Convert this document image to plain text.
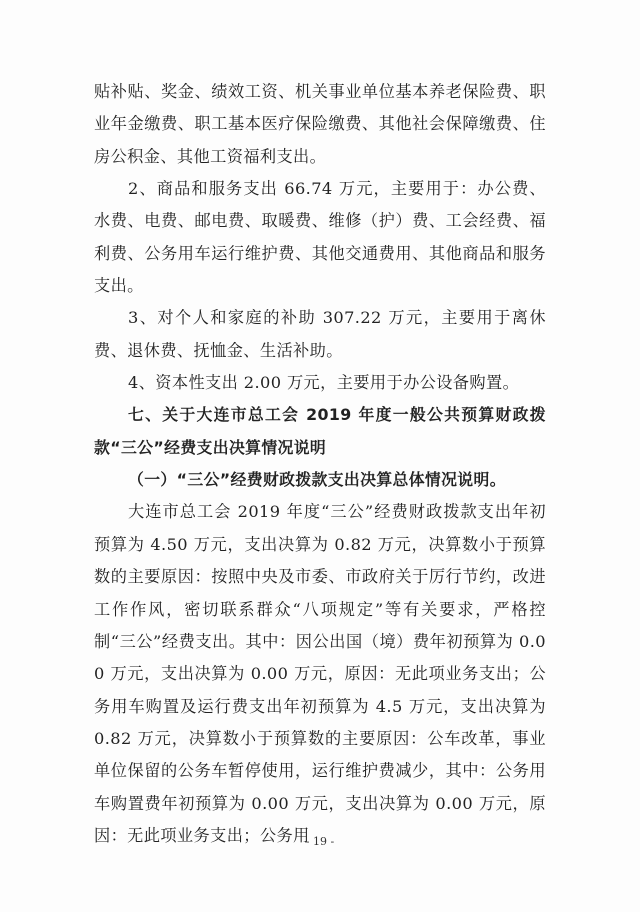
贴补贴、奖金、绩效工资、机关事业单位基本养老保险费、职业年金缴费、职工基本医疗保险缴费、其他社会保障缴费、住房公积金、其他工资福利支出。

2、商品和服务支出 66.74 万元，主要用于：办公费、水费、电费、邮电费、取暖费、维修（护）费、工会经费、福利费、公务用车运行维护费、其他交通费用、其他商品和服务支出。

3、对个人和家庭的补助 307.22 万元，主要用于离休费、退休费、抚恤金、生活补助。

4、资本性支出 2.00 万元，主要用于办公设备购置。

七、关于大连市总工会 2019 年度一般公共预算财政拨款“三公”经费支出决算情况说明

（一）“三公”经费财政拨款支出决算总体情况说明。

大连市总工会 2019 年度“三公”经费财政拨款支出年初预算为 4.50 万元，支出决算为 0.82 万元，决算数小于预算数的主要原因：按照中央及市委、市政府关于厉行节约，改进工作作风，密切联系群众“八项规定”等有关要求，严格控制“三公”经费支出。其中：因公出国（境）费年初预算为 0.00 万元，支出决算为 0.00 万元，原因：无此项业务支出；公务用车购置及运行费支出年初预算为 4.5 万元，支出决算为 0.82 万元，决算数小于预算数的主要原因：公车改革，事业单位保留的公务车暂停使用，运行维护费减少，其中：公务用车购置费年初预算为 0.00 万元，支出决算为 0.00 万元，原因：无此项业务支出；公务用

- 19 -
